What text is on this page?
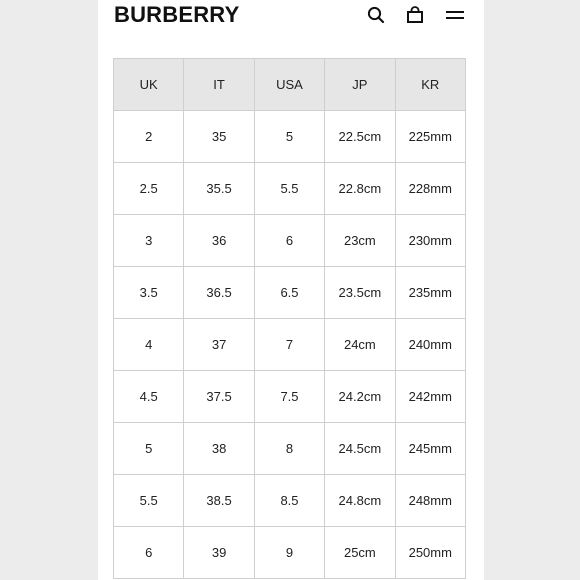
BURBERRY
UK	IT	USA	JP	KR
2	35	5	22.5cm	225mm
2.5	35.5	5.5	22.8cm	228mm
3	36	6	23cm	230mm
3.5	36.5	6.5	23.5cm	235mm
4	37	7	24cm	240mm
4.5	37.5	7.5	24.2cm	242mm
5	38	8	24.5cm	245mm
5.5	38.5	8.5	24.8cm	248mm
6	39	9	25cm	250mm
